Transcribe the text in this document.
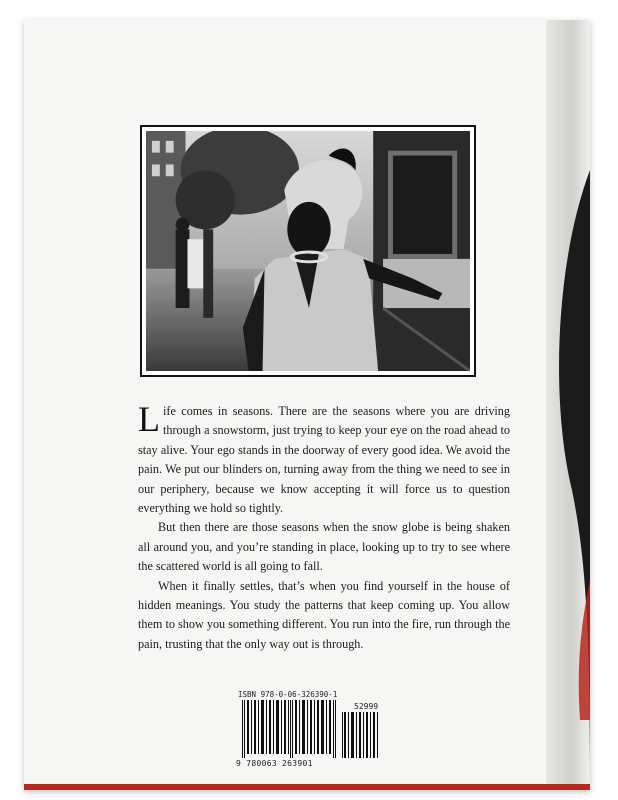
Life comes in seasons. There are the seasons where you are driving through a snowstorm, just trying to keep your eye on the road ahead to stay alive. Your ego stands in the doorway of every good idea. We avoid the pain. We put our blinders on, turning away from the thing we need to see in our periphery, because we know accepting it will force us to question everything we hold so tightly.

But then there are those seasons when the snow globe is being shaken all around you, and you’re standing in place, looking up to try to see where the scattered world is all going to fall.

When it finally settles, that’s when you find yourself in the house of hidden meanings. You study the patterns that keep coming up. You allow them to show you something different. You run into the fire, run through the pain, trusting that the only way out is through.

ISBN 978-0-06-326390-1
52999
9 780063 263901
